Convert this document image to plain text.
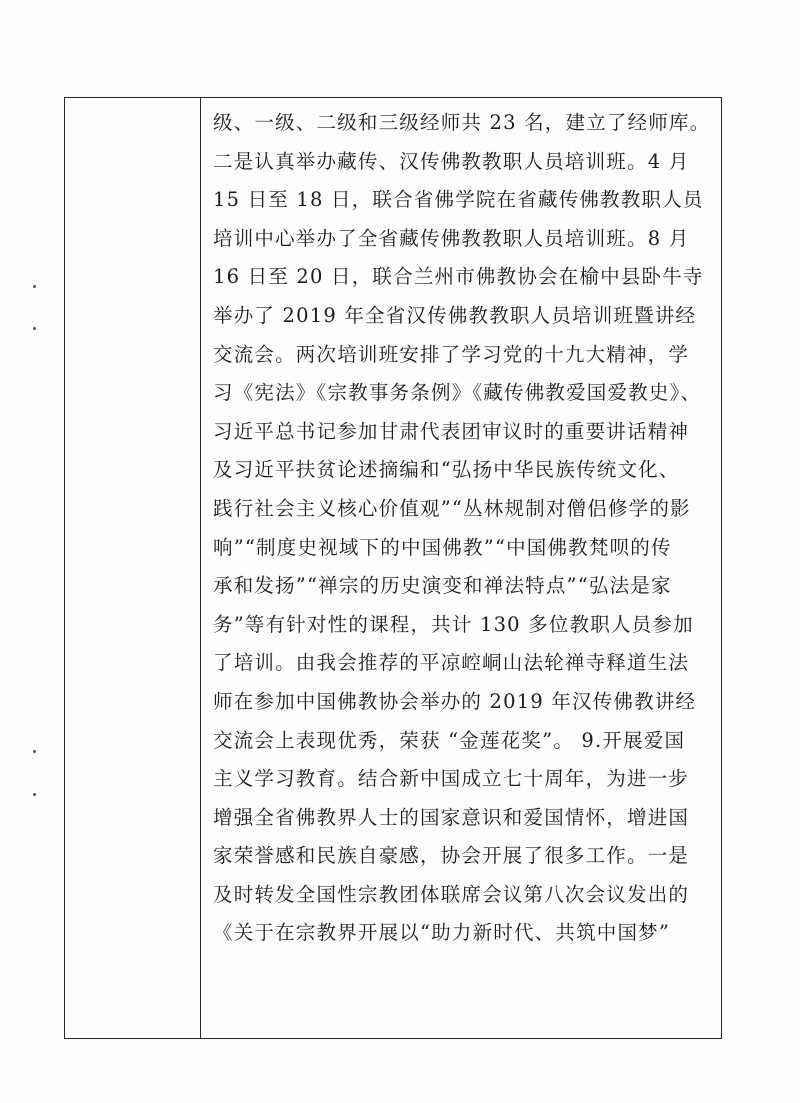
级、一级、二级和三级经师共 23 名，建立了经师库。
二是认真举办藏传、汉传佛教教职人员培训班。4 月
15 日至 18 日，联合省佛学院在省藏传佛教教职人员
培训中心举办了全省藏传佛教教职人员培训班。8 月
16 日至 20 日，联合兰州市佛教协会在榆中县卧牛寺
举办了 2019 年全省汉传佛教教职人员培训班暨讲经
交流会。两次培训班安排了学习党的十九大精神，学
习《宪法》《宗教事务条例》《藏传佛教爱国爱教史》、
习近平总书记参加甘肃代表团审议时的重要讲话精神
及习近平扶贫论述摘编和“弘扬中华民族传统文化、
践行社会主义核心价值观”“丛林规制对僧侣修学的影
响”“制度史视域下的中国佛教”“中国佛教梵呗的传
承和发扬”“禅宗的历史演变和禅法特点”“弘法是家
务”等有针对性的课程，共计 130 多位教职人员参加
了培训。由我会推荐的平凉崆峒山法轮禅寺释道生法
师在参加中国佛教协会举办的 2019 年汉传佛教讲经
交流会上表现优秀，荣获 “金莲花奖”。 9.开展爱国
主义学习教育。结合新中国成立七十周年，为进一步
增强全省佛教界人士的国家意识和爱国情怀，增进国
家荣誉感和民族自豪感，协会开展了很多工作。一是
及时转发全国性宗教团体联席会议第八次会议发出的
《关于在宗教界开展以“助力新时代、共筑中国梦”
